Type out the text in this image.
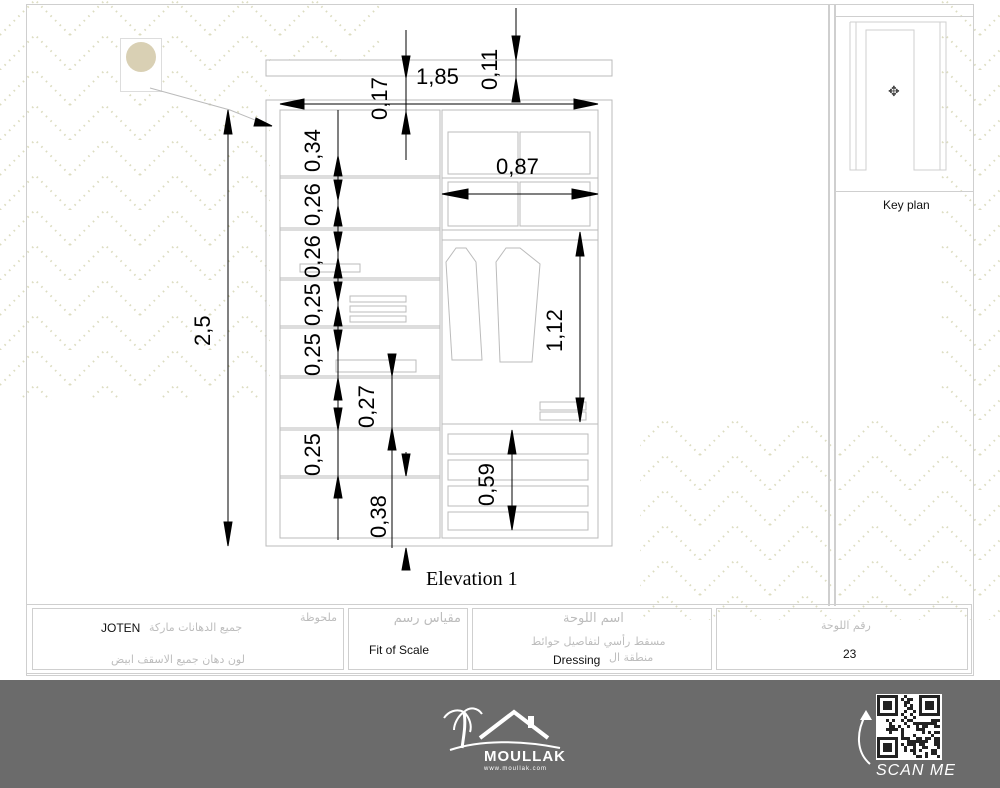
✥
Key plan
1,85 0,11
0,17
0,34	0,87
0,26
0,26
0,25
0,25
1,12
0,27
0,25
0,59
0,38
2,5
Elevation 1
ملحوظة
جميع الدهانات ماركة
JOTEN
لون دهان جميع الاسقف ابيض
مقياس رسم
Fit of Scale
اسم اللوحة
مسقط رأسي لتفاصيل حوائط
منطقة ال
Dressing
رقم اللوحة
23
MOULLAK
www.moullak.com	SCAN ME
